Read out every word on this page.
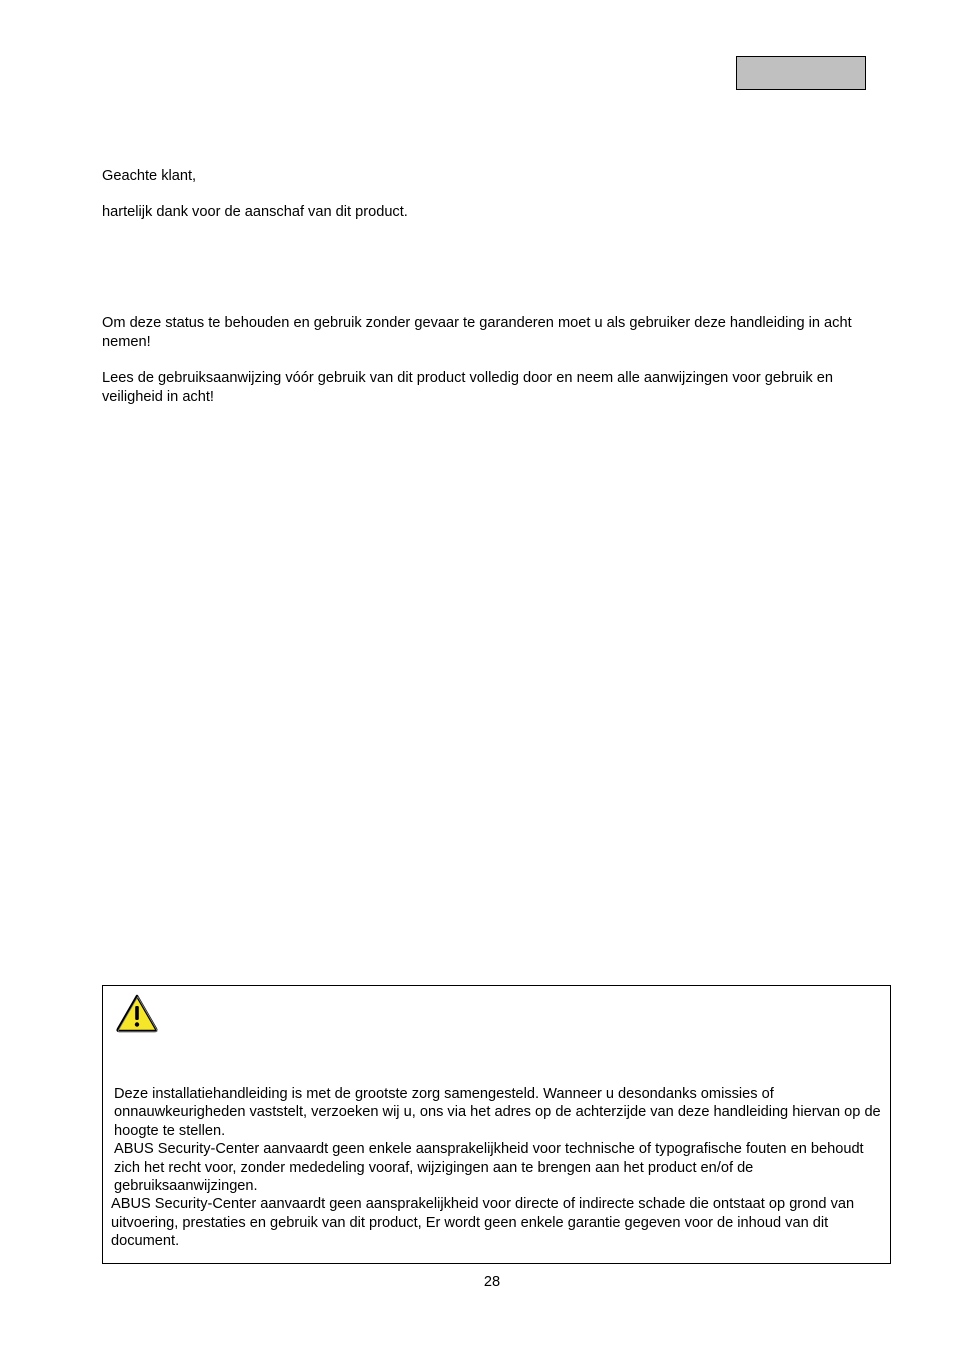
Geachte klant,

hartelijk dank voor de aanschaf van dit product.

Om deze status te behouden en gebruik zonder gevaar te garanderen moet u als gebruiker deze handleiding in acht nemen!

Lees de gebruiksaanwijzing vóór gebruik van dit product volledig door en neem alle aanwijzingen voor gebruik en veiligheid in acht!

Deze installatiehandleiding is met de grootste zorg samengesteld. Wanneer u desondanks omissies of onnauwkeurigheden vaststelt, verzoeken wij u, ons via het adres op de achterzijde van deze handleiding hiervan op de hoogte te stellen.

ABUS Security-Center aanvaardt geen enkele aansprakelijkheid voor technische of typografische fouten en behoudt zich het recht voor, zonder mededeling vooraf, wijzigingen aan te brengen aan het product en/of de gebruiksaanwijzingen.

ABUS Security-Center aanvaardt geen aansprakelijkheid voor directe of indirecte schade die ontstaat op grond van uitvoering, prestaties en gebruik van dit product, Er wordt geen enkele garantie gegeven voor de inhoud van dit document.

28
